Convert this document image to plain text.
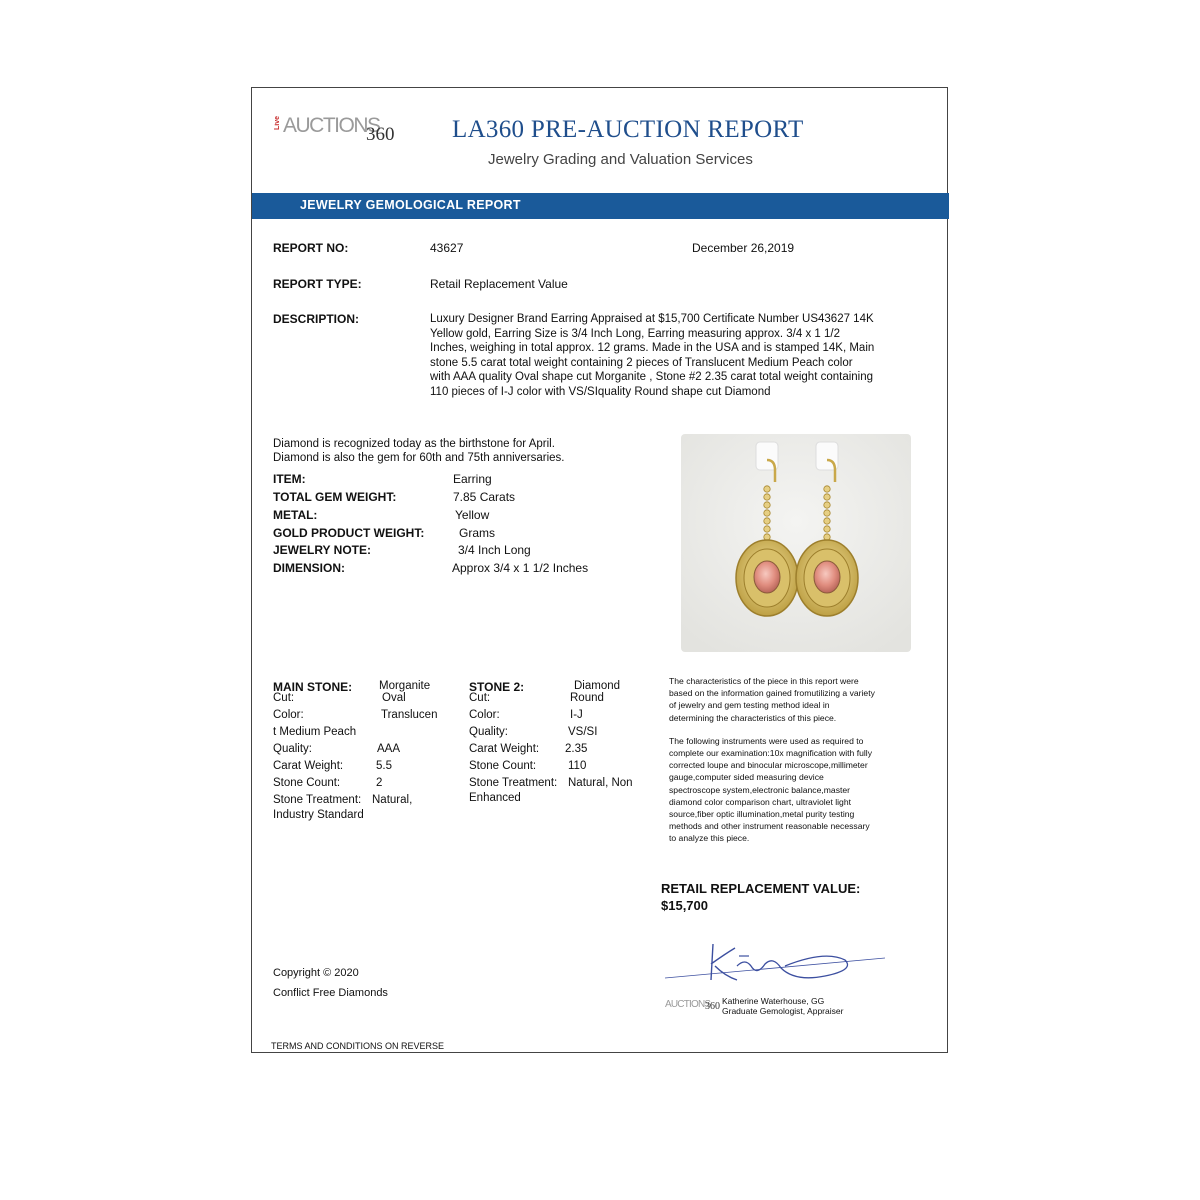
Live AUCTIONS
360 LA360 PRE-AUCTION REPORT
Jewelry Grading and Valuation Services
JEWELRY GEMOLOGICAL REPORT
REPORT NO:	43627	December 26,2019
REPORT TYPE:	Retail Replacement Value
DESCRIPTION:	Luxury Designer Brand Earring Appraised at $15,700 Certificate Number US43627 14K
Yellow gold, Earring Size is 3/4 Inch Long, Earring measuring approx. 3/4 x 1 1/2
Inches, weighing in total approx. 12 grams. Made in the USA and is stamped 14K, Main
stone 5.5 carat total weight containing 2 pieces of Translucent Medium Peach color
with AAA quality Oval shape cut Morganite , Stone #2 2.35 carat total weight containing
110 pieces of I-J color with VS/SIquality Round shape cut Diamond
Diamond is recognized today as the birthstone for April.
Diamond is also the gem for 60th and 75th anniversaries.
ITEM:	Earring
TOTAL GEM WEIGHT:	7.85 Carats
METAL:	Yellow
GOLD PRODUCT WEIGHT:	Grams
JEWELRY NOTE:	3/4 Inch Long
DIMENSION:	Approx 3/4 x 1 1/2 Inches
MAIN STONE: Morganite
Cut:	Oval
Color:	Translucen
t Medium Peach
Quality:	AAA
Carat Weight:	5.5
Stone Count:	2
Stone Treatment: Natural,
Industry Standard
STONE 2:	Diamond
Cut:	Round
Color:	I-J
Quality:	VS/SI
Carat Weight: 2.35
Stone Count:	110
Stone Treatment: Natural, Non
Enhanced

The characteristics of the piece in this report were
based on the information gained fromutilizing a variety
of jewelry and gem testing method ideal in
determining the characteristics of this piece.

The following instruments were used as required to
complete our examination:10x magnification with fully
corrected loupe and binocular microscope,millimeter
gauge,computer sided measuring device
spectroscope system,electronic balance,master
diamond color comparison chart, ultraviolet light
source,fiber optic illumination,metal purity testing
methods and other instrument reasonable necessary
to analyze this piece.

RETAIL REPLACEMENT VALUE:
$15,700
AUCTIONS
360 Katherine Waterhouse, GG
Graduate Gemologist, Appraiser
Copyright © 2020
Conflict Free Diamonds
TERMS AND CONDITIONS ON REVERSE
